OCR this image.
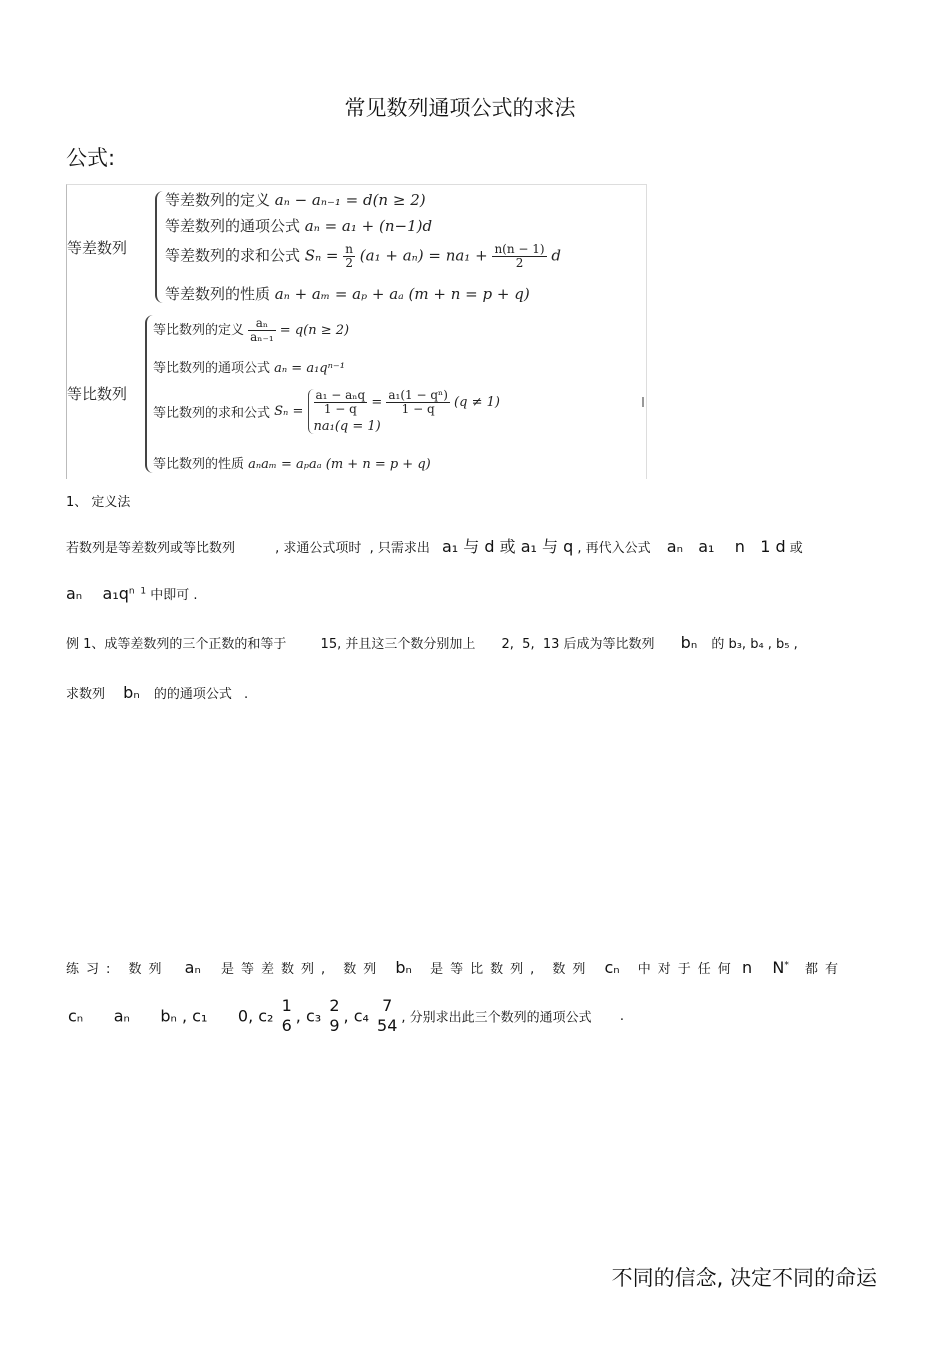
常见数列通项公式的求法
公式:
等差数列
等差数列的定义 aₙ − aₙ₋₁ = d(n ≥ 2)
等差数列的通项公式 aₙ = a₁ + (n−1)d
等差数列的求和公式 $S_n = \frac{n}{2} (a_1 + a_n) = na_1 + \frac{n(n - 1)}{2}$ d
等差数列的性质 aₙ + aₘ = aₚ + aₐ (m + n = p + q)
等比数列
等比数列的定义 $\frac{\text{aₙ}}{\text{aₙ₋₁}} = q(n \ge 2)$
等比数列的通项公式 aₙ = a₁qⁿ⁻¹
等比数列的求和公式 $S_n = \frac{\text{a₁ − aₙq}}{1 - q} = \frac{\text{a₁(1 − qⁿ)}}{1 - q} (q \ne 1)$
na₁(q = 1)
等比数列的性质 aₙaₘ = aₚaₐ (m + n = p + q)
1、 定义法
若数列是等差数列或等比数列	, 求通公式项时 , 只需求出 a₁ 与 d 或 a₁ 与 q , 再代入公式 aₙ   a₁    n   1 d 或
aₙ    $a_1q^{n 1}$ 中即可 .
例 1、成等差数列的三个正数的和等于	15, 并且这三个数分别加上 2,  5,  13 后成为等比数列 bₙ 的 b₃, b₄ , b₅ ,
求数列 bₙ 的的通项公式 .
练习: 数列 aₙ 是等差数列, 数列 bₙ 是等比数列, 数列 cₙ 中对于任何 n    N* 都有
cₙ      aₙ      bₙ , c₁      0, c₂
1
6 , c₃
2
9 , c₄
7
54 , 分别求出此三个数列的通项公式 .
不同的信念, 决定不同的命运
